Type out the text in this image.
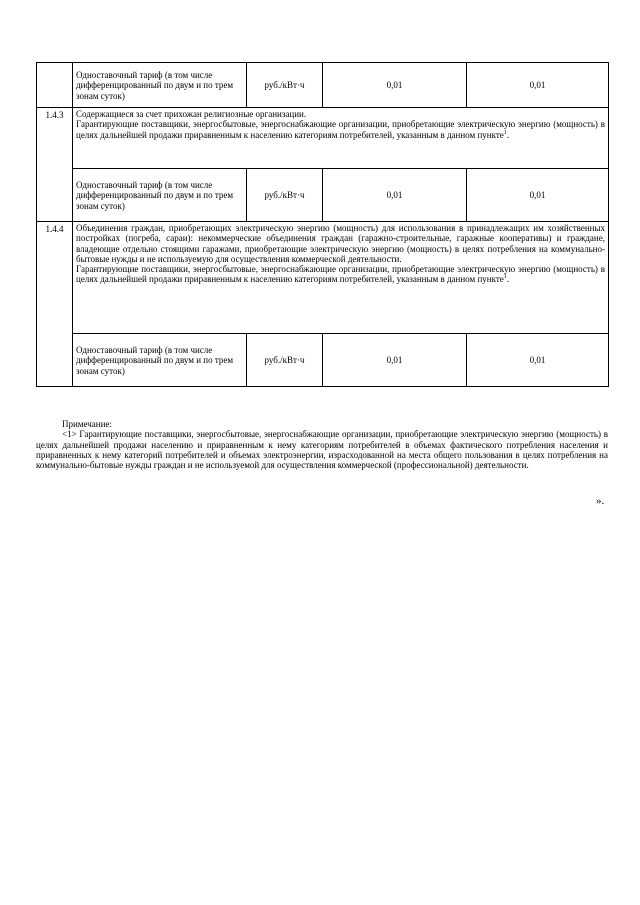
	Одноставочный тариф (в том числе дифференцированный по двум и по трем зонам суток)	руб./кВт·ч	0,01	0,01
1.4.3	Содержащиеся за счет прихожан религиозные организации.

Гарантирующие поставщики, энергосбытовые, энергоснабжающие организации, приобретающие электрическую энергию (мощность) в целях дальнейшей продажи приравненным к населению категориям потребителей, указанным в данном пункте$^1$.			

	Одноставочный тариф (в том числе дифференцированный по двум и по трем зонам суток)	руб./кВт·ч	0,01	0,01
1.4.4	Объединения граждан, приобретающих электрическую энергию (мощность) для использования в принадлежащих им хозяйственных постройках (погреба, сараи): некоммерческие объединения граждан (гаражно-строительные, гаражные кооперативы) и граждане, владеющие отдельно стоящими гаражами, приобретающие электрическую энергию (мощность) в целях потребления на коммунально-бытовые нужды и не используемую для осуществления коммерческой деятельности.

Гарантирующие поставщики, энергосбытовые, энергоснабжающие организации, приобретающие электрическую энергию (мощность) в целях дальнейшей продажи приравненным к населению категориям потребителей, указанным в данном пункте$^1$.			

	Одноставочный тариф (в том числе дифференцированный по двум и по трем зонам суток)	руб./кВт·ч	0,01	0,01

Примечание:

<1> Гарантирующие поставщики, энергосбытовые, энергоснабжающие организации, приобретающие электрическую энергию (мощность) в целях дальнейшей продажи населению и приравненным к нему категориям потребителей в объемах фактического потребления населения и приравненных к нему категорий потребителей и объемах электроэнергии, израсходованной на места общего пользования в целях потребления на коммунально-бытовые нужды граждан и не используемой для осуществления коммерческой (профессиональной) деятельности.

».
